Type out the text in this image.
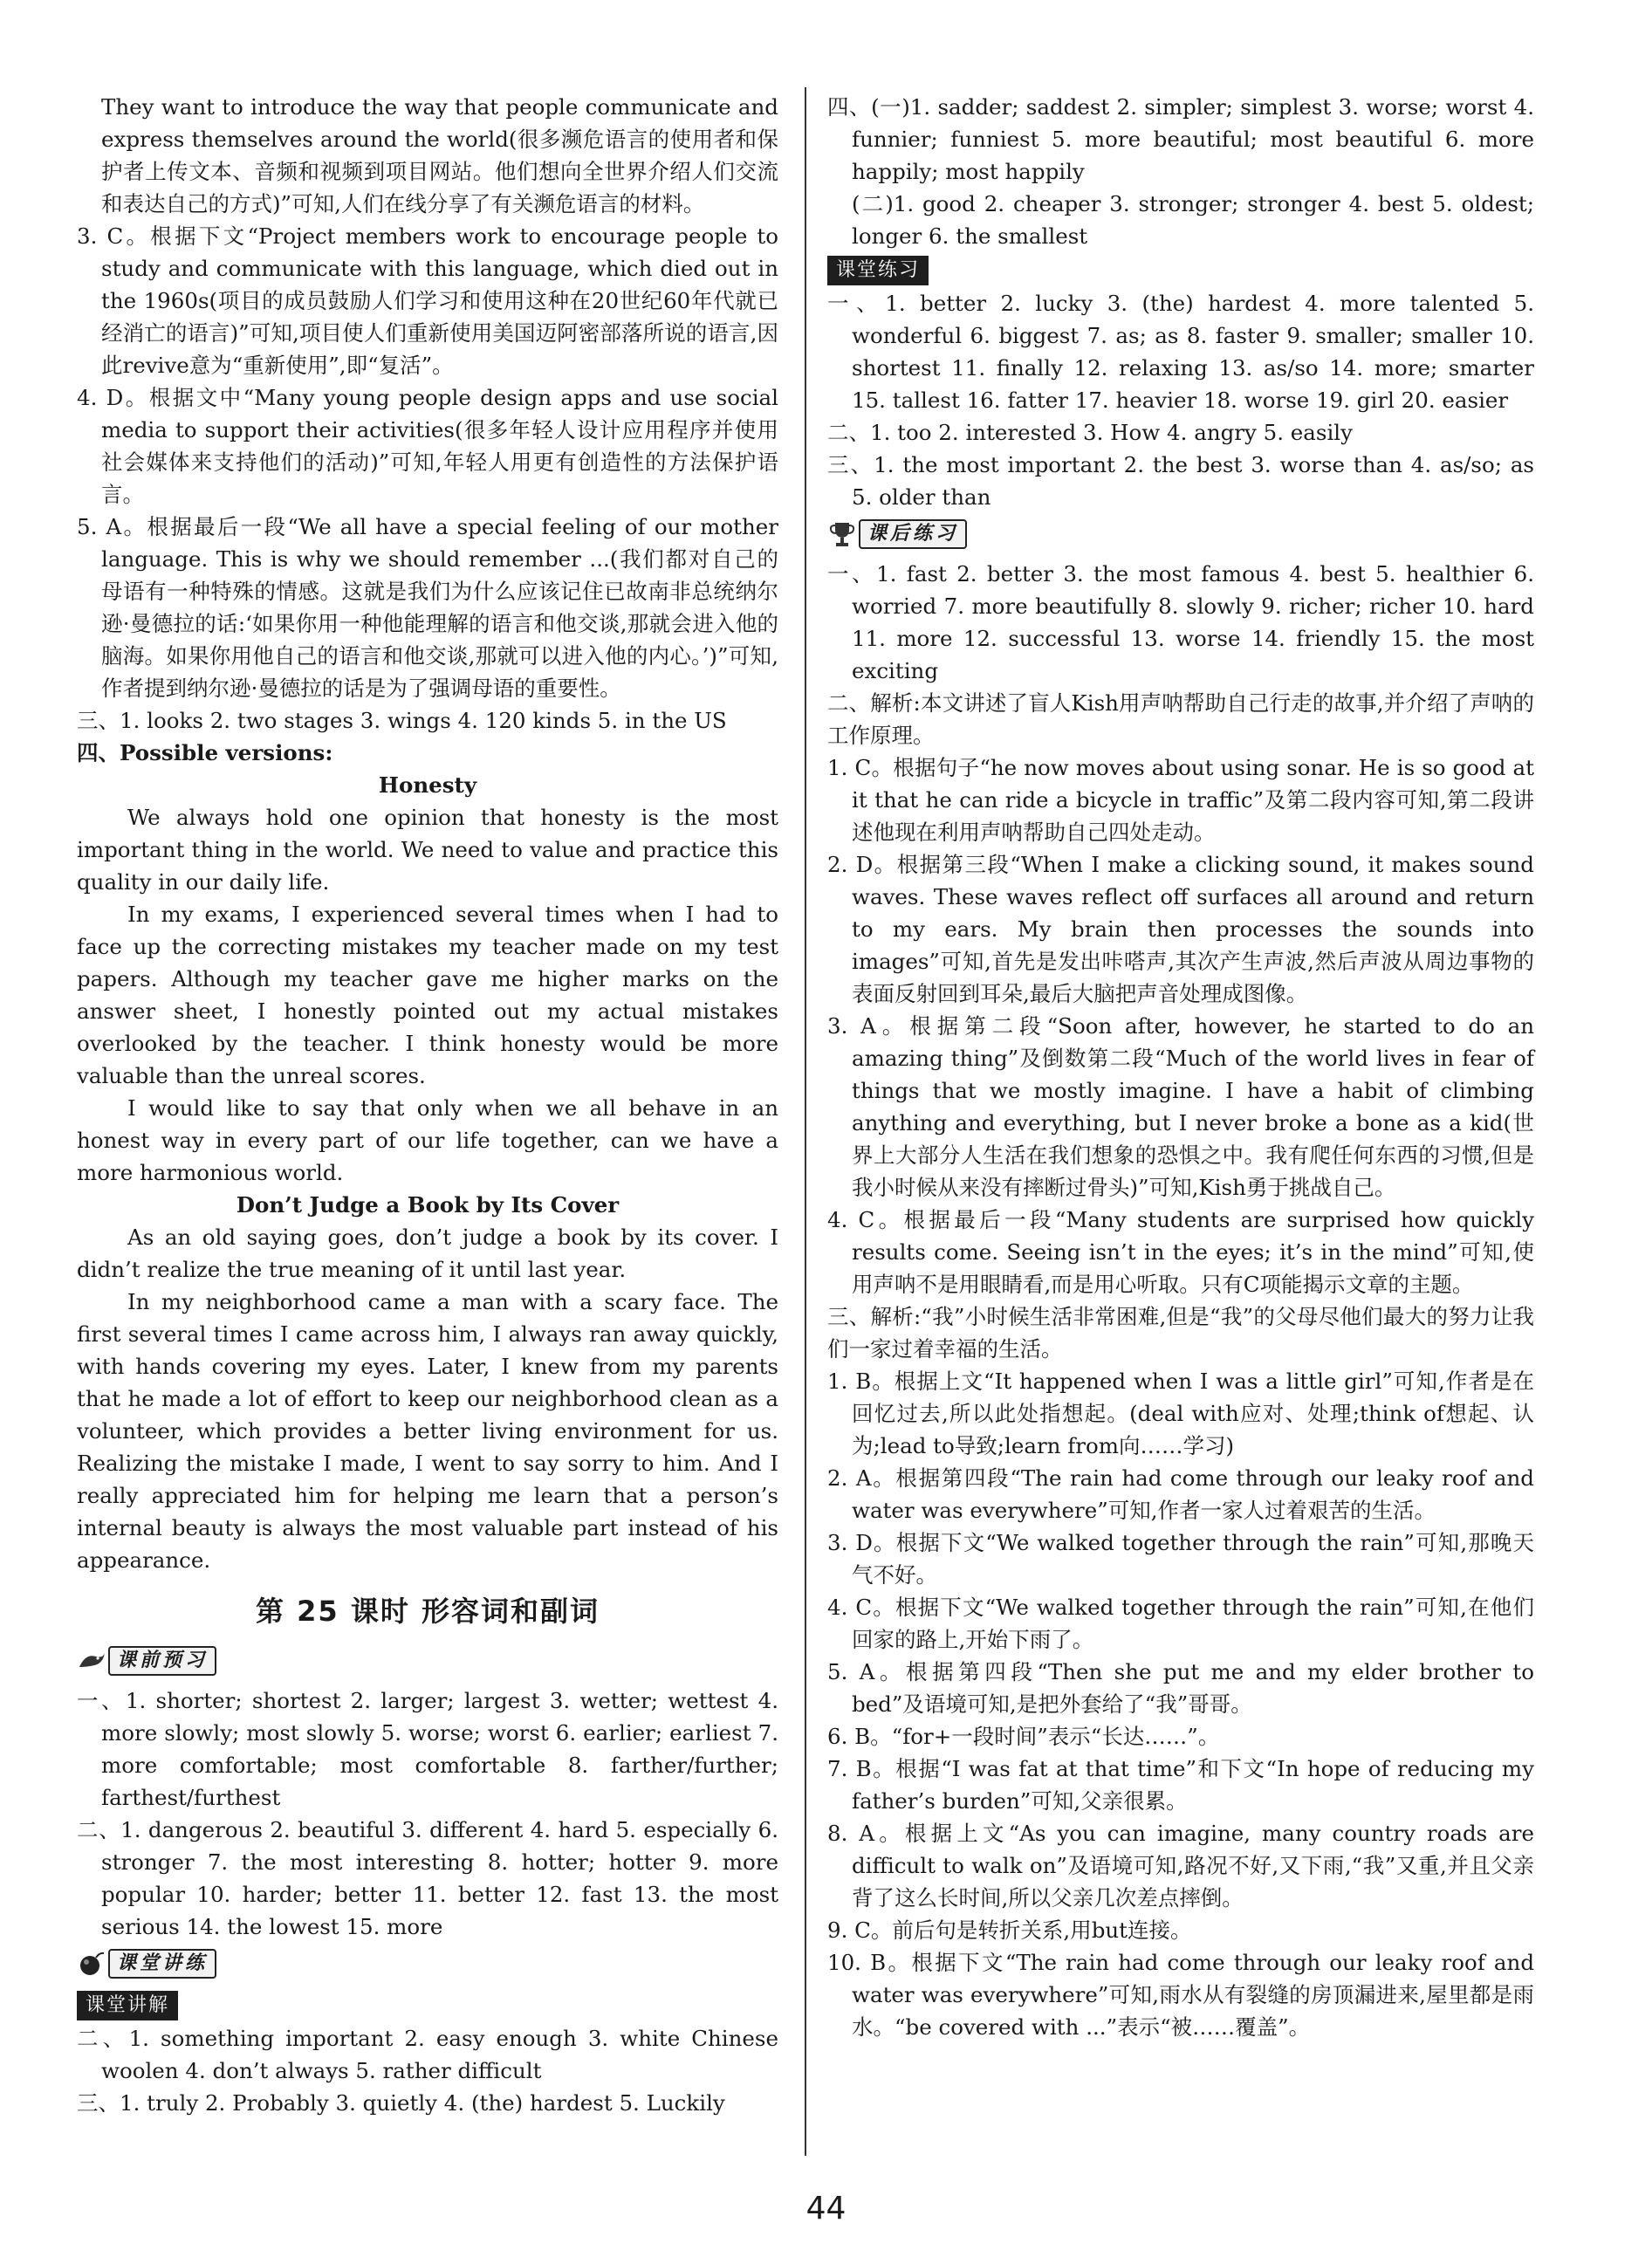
They want to introduce the way that people communicate and express themselves around the world(很多濒危语言的使用者和保护者上传文本、音频和视频到项目网站。他们想向全世界介绍人们交流和表达自己的方式)”可知,人们在线分享了有关濒危语言的材料。

3. C。根据下文“Project members work to encourage people to study and communicate with this language, which died out in the 1960s(项目的成员鼓励人们学习和使用这种在20世纪60年代就已经消亡的语言)”可知,项目使人们重新使用美国迈阿密部落所说的语言,因此revive意为“重新使用”,即“复活”。

4. D。根据文中“Many young people design apps and use social media to support their activities(很多年轻人设计应用程序并使用社会媒体来支持他们的活动)”可知,年轻人用更有创造性的方法保护语言。

5. A。根据最后一段“We all have a special feeling of our mother language. This is why we should remember ...(我们都对自己的母语有一种特殊的情感。这就是我们为什么应该记住已故南非总统纳尔逊·曼德拉的话:‘如果你用一种他能理解的语言和他交谈,那就会进入他的脑海。如果你用他自己的语言和他交谈,那就可以进入他的内心。’)”可知,作者提到纳尔逊·曼德拉的话是为了强调母语的重要性。

三、1. looks 2. two stages 3. wings 4. 120 kinds 5. in the US

四、Possible versions:

Honesty

We always hold one opinion that honesty is the most important thing in the world. We need to value and practice this quality in our daily life.

In my exams, I experienced several times when I had to face up the correcting mistakes my teacher made on my test papers. Although my teacher gave me higher marks on the answer sheet, I honestly pointed out my actual mistakes overlooked by the teacher. I think honesty would be more valuable than the unreal scores.

I would like to say that only when we all behave in an honest way in every part of our life together, can we have a more harmonious world.

Don’t Judge a Book by Its Cover

As an old saying goes, don’t judge a book by its cover. I didn’t realize the true meaning of it until last year.

In my neighborhood came a man with a scary face. The first several times I came across him, I always ran away quickly, with hands covering my eyes. Later, I knew from my parents that he made a lot of effort to keep our neighborhood clean as a volunteer, which provides a better living environment for us. Realizing the mistake I made, I went to say sorry to him. And I really appreciated him for helping me learn that a person’s internal beauty is always the most valuable part instead of his appearance.

第 25 课时 形容词和副词
课前预习

一、1. shorter; shortest 2. larger; largest 3. wetter; wettest 4. more slowly; most slowly 5. worse; worst 6. earlier; earliest 7. more comfortable; most comfortable 8. farther/further; farthest/furthest

二、1. dangerous 2. beautiful 3. different 4. hard 5. especially 6. stronger 7. the most interesting 8. hotter; hotter 9. more popular 10. harder; better 11. better 12. fast 13. the most serious 14. the lowest 15. more

课堂讲练
课堂讲解

二、1. something important 2. easy enough 3. white Chinese woolen 4. don’t always 5. rather difficult

三、1. truly 2. Probably 3. quietly 4. (the) hardest 5. Luckily

四、(一)1. sadder; saddest 2. simpler; simplest 3. worse; worst 4. funnier; funniest 5. more beautiful; most beautiful 6. more happily; most happily

(二)1. good 2. cheaper 3. stronger; stronger 4. best 5. oldest; longer 6. the smallest

课堂练习

一、1. better 2. lucky 3. (the) hardest 4. more talented 5. wonderful 6. biggest 7. as; as 8. faster 9. smaller; smaller 10. shortest 11. finally 12. relaxing 13. as/so 14. more; smarter 15. tallest 16. fatter 17. heavier 18. worse 19. girl 20. easier

二、1. too 2. interested 3. How 4. angry 5. easily

三、1. the most important 2. the best 3. worse than 4. as/so; as 5. older than

课后练习

一、1. fast 2. better 3. the most famous 4. best 5. healthier 6. worried 7. more beautifully 8. slowly 9. richer; richer 10. hard 11. more 12. successful 13. worse 14. friendly 15. the most exciting

二、解析:本文讲述了盲人Kish用声呐帮助自己行走的故事,并介绍了声呐的工作原理。

1. C。根据句子“he now moves about using sonar. He is so good at it that he can ride a bicycle in traffic”及第二段内容可知,第二段讲述他现在利用声呐帮助自己四处走动。

2. D。根据第三段“When I make a clicking sound, it makes sound waves. These waves reflect off surfaces all around and return to my ears. My brain then processes the sounds into images”可知,首先是发出咔嗒声,其次产生声波,然后声波从周边事物的表面反射回到耳朵,最后大脑把声音处理成图像。

3. A。根据第二段“Soon after, however, he started to do an amazing thing”及倒数第二段“Much of the world lives in fear of things that we mostly imagine. I have a habit of climbing anything and everything, but I never broke a bone as a kid(世界上大部分人生活在我们想象的恐惧之中。我有爬任何东西的习惯,但是我小时候从来没有摔断过骨头)”可知,Kish勇于挑战自己。

4. C。根据最后一段“Many students are surprised how quickly results come. Seeing isn’t in the eyes; it’s in the mind”可知,使用声呐不是用眼睛看,而是用心听取。只有C项能揭示文章的主题。

三、解析:“我”小时候生活非常困难,但是“我”的父母尽他们最大的努力让我们一家过着幸福的生活。

1. B。根据上文“It happened when I was a little girl”可知,作者是在回忆过去,所以此处指想起。(deal with应对、处理;think of想起、认为;lead to导致;learn from向……学习)

2. A。根据第四段“The rain had come through our leaky roof and water was everywhere”可知,作者一家人过着艰苦的生活。

3. D。根据下文“We walked together through the rain”可知,那晚天气不好。

4. C。根据下文“We walked together through the rain”可知,在他们回家的路上,开始下雨了。

5. A。根据第四段“Then she put me and my elder brother to bed”及语境可知,是把外套给了“我”哥哥。

6. B。“for+一段时间”表示“长达……”。

7. B。根据“I was fat at that time”和下文“In hope of reducing my father’s burden”可知,父亲很累。

8. A。根据上文“As you can imagine, many country roads are difficult to walk on”及语境可知,路况不好,又下雨,“我”又重,并且父亲背了这么长时间,所以父亲几次差点摔倒。

9. C。前后句是转折关系,用but连接。

10. B。根据下文“The rain had come through our leaky roof and water was everywhere”可知,雨水从有裂缝的房顶漏进来,屋里都是雨水。“be covered with ...”表示“被……覆盖”。

44
